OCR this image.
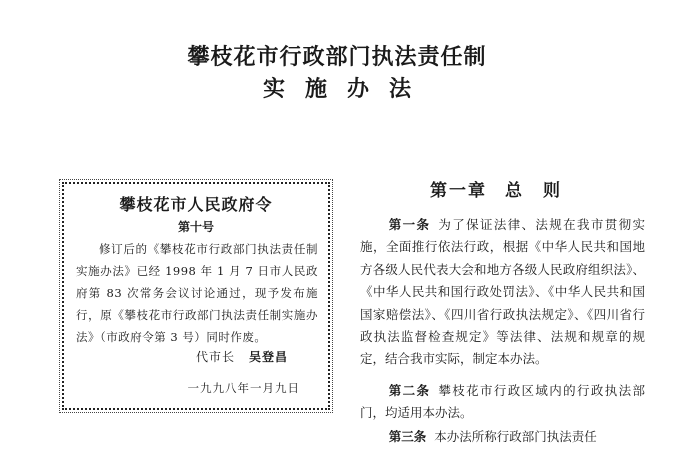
攀枝花市行政部门执法责任制
实施办法
攀枝花市人民政府令
第十号
修订后的《攀枝花市行政部门执法责任制实施办法》已经 1998 年 1 月 7 日市人民政府第 83 次常务会议讨论通过，现予发布施行，原《攀枝花市行政部门执法责任制实施办法》（市政府令第 3 号）同时作废。
代市长 吴登昌
一九九八年一月九日
第一章 总　则
第一条 为了保证法律、法规在我市贯彻实施，全面推行依法行政，根据《中华人民共和国地方各级人民代表大会和地方各级人民政府组织法》、《中华人民共和国行政处罚法》、《中华人民共和国国家赔偿法》、《四川省行政执法规定》、《四川省行政执法监督检查规定》等法律、法规和规章的规定，结合我市实际，制定本办法。
第二条 攀枝花市行政区域内的行政执法部门，均适用本办法。
第三条 本办法所称行政部门执法责任
